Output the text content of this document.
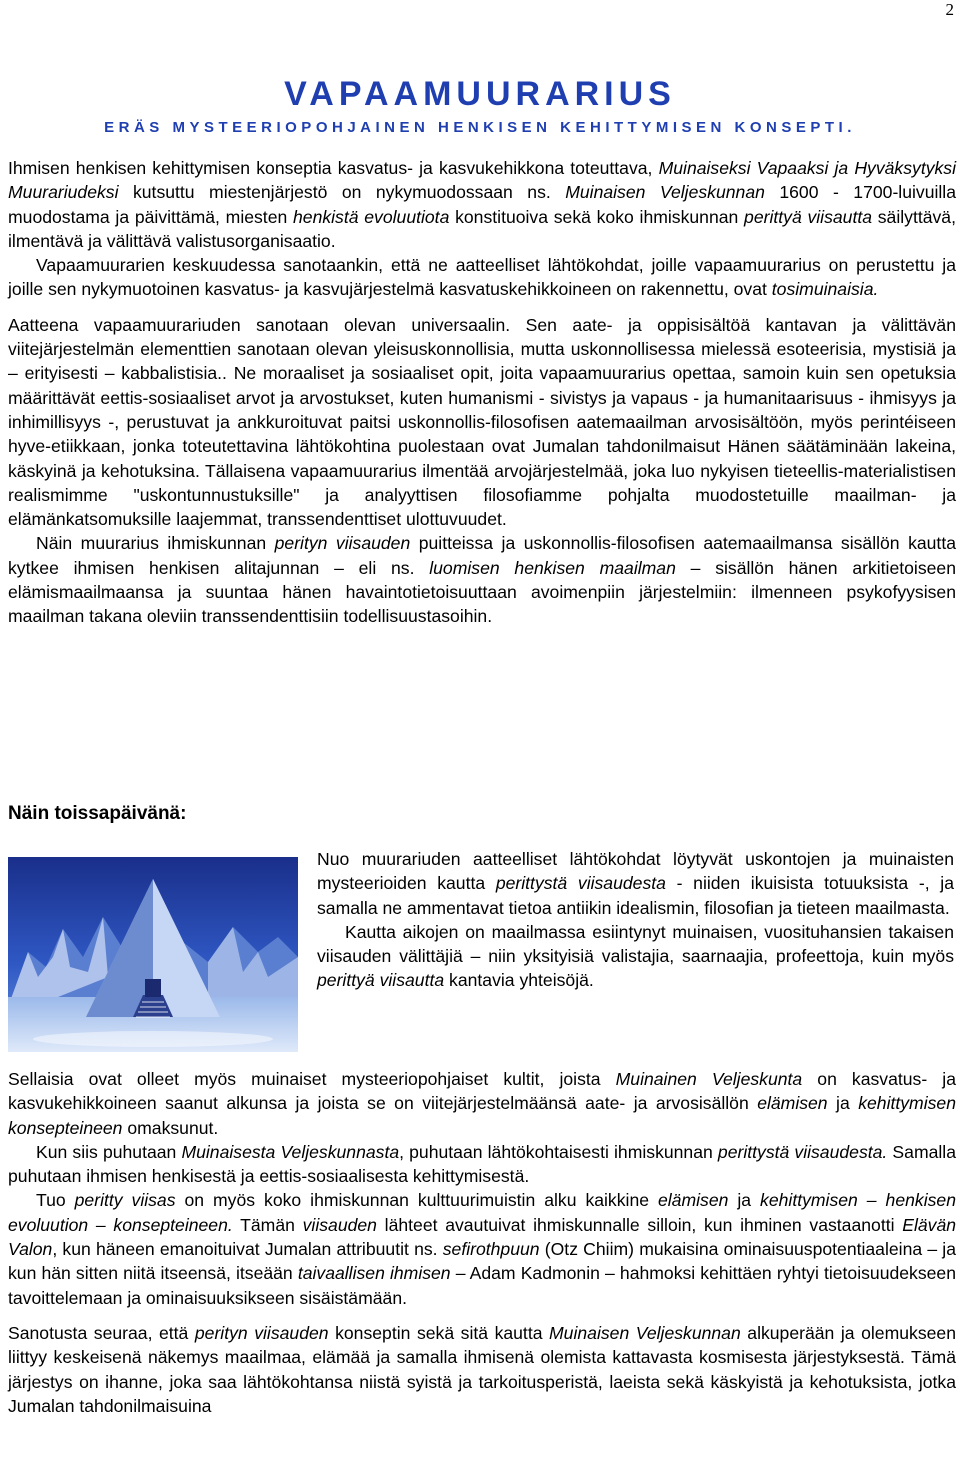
2
VAPAAMUURARIUS
ERÄS MYSTEERIOPOHJAINEN HENKISEN KEHITTYMISEN KONSEPTI.

Ihmisen henkisen kehittymisen konseptia kasvatus- ja kasvukehikkona toteuttava, Muinaiseksi Vapaaksi ja Hyväksytyksi Muurariudeksi kutsuttu miestenjärjestö on nykymuodossaan ns. Muinaisen Veljeskunnan 1600 - 1700-luivuilla muodostama ja päivittämä, miesten henkistä evoluutiota konstituoiva sekä koko ihmiskunnan perittyä viisautta säilyttävä, ilmentävä ja välittävä valistusorganisaatio.

Vapaamuurarien keskuudessa sanotaankin, että ne aatteelliset lähtökohdat, joille vapaamuurarius on perustettu ja joille sen nykymuotoinen kasvatus- ja kasvujärjestelmä kasvatuskehikkoineen on rakennettu, ovat tosimuinaisia.

Aatteena vapaamuurariuden sanotaan olevan universaalin. Sen aate- ja oppisisältöä kantavan ja välittävän viitejärjestelmän elementtien sanotaan olevan yleisuskonnollisia, mutta uskonnollisessa mielessä esoteerisia, mystisiä ja – erityisesti – kabbalistisia.. Ne moraaliset ja sosiaaliset opit, joita vapaamuurarius opettaa, samoin kuin sen opetuksia määrittävät eettis-sosiaaliset arvot ja arvostukset, kuten humanismi - sivistys ja vapaus - ja humanitaarisuus - ihmisyys ja inhimillisyys -, perustuvat ja ankkuroituvat paitsi uskonnollis-filosofisen aatemaailman arvosisältöön, myös perintéiseen hyve-etiikkaan, jonka toteutettavina lähtökohtina puolestaan ovat Jumalan tahdonilmaisut Hänen säätäminään lakeina, käskyinä ja kehotuksina. Tällaisena vapaamuurarius ilmentää arvojärjestelmää, joka luo nykyisen tieteellis-materialistisen realismimme "uskontunnustuksille" ja analyyttisen filosofiamme pohjalta muodostetuille maailman- ja elämänkatsomuksille laajemmat, transsendenttiset ulottuvuudet.

Näin muurarius ihmiskunnan perityn viisauden puitteissa ja uskonnollis-filosofisen aatemaailmansa sisällön kautta kytkee ihmisen henkisen alitajunnan – eli ns. luomisen henkisen maailman – sisällön hänen arkitietoiseen elämismaailmaansa ja suuntaa hänen havaintotietoisuuttaan avoimenpiin järjestelmiin: ilmenneen psykofyysisen maailman takana oleviin transsendenttisiin todellisuustasoihin.

Näin toissapäivänä:

Nuo muurariuden aatteelliset lähtökohdat löytyvät uskontojen ja muinaisten mysteerioiden kautta perittystä viisaudesta - niiden ikuisista totuuksista -, ja samalla ne ammentavat tietoa antiikin idealismin, filosofian ja tieteen maailmasta.

Kautta aikojen on maailmassa esiintynyt muinaisen, vuosituhansien takaisen viisauden välittäjiä – niin yksityisiä valistajia, saarnaajia, profeettoja, kuin myös perittyä viisautta kantavia yhteisöjä.

Sellaisia ovat olleet myös muinaiset mysteeriopohjaiset kultit, joista Muinainen Veljeskunta on kasvatus- ja kasvukehikkoineen saanut alkunsa ja joista se on viitejärjestelmäänsä aate- ja arvosisällön elämisen ja kehittymisen konsepteineen omaksunut.

Kun siis puhutaan Muinaisesta Veljeskunnasta, puhutaan lähtökohtaisesti ihmiskunnan perittystä viisaudesta. Samalla puhutaan ihmisen henkisestä ja eettis-sosiaalisesta kehittymisestä.

Tuo peritty viisas on myös koko ihmiskunnan kulttuurimuistin alku kaikkine elämisen ja kehittymisen – henkisen evoluution – konsepteineen. Tämän viisauden lähteet avautuivat ihmiskunnalle silloin, kun ihminen vastaanotti Elävän Valon, kun häneen emanoituivat Jumalan attribuutit ns. sefirothpuun (Otz Chiim) mukaisina ominaisuuspotentiaaleina – ja kun hän sitten niitä itseensä, itseään taivaallisen ihmisen – Adam Kadmonin – hahmoksi kehittäen ryhtyi tietoisuudekseen tavoittelemaan ja ominaisuuksikseen sisäistämään.

Sanotusta seuraa, että perityn viisauden konseptin sekä sitä kautta Muinaisen Veljeskunnan alkuperään ja olemukseen liittyy keskeisenä näkemys maailmaa, elämää ja samalla ihmisenä olemista kattavasta kosmisesta järjestyksestä. Tämä järjestys on ihanne, joka saa lähtökohtansa niistä syistä ja tarkoitusperistä, laeista sekä käskyistä ja kehotuksista, jotka Jumalan tahdonilmaisuina
